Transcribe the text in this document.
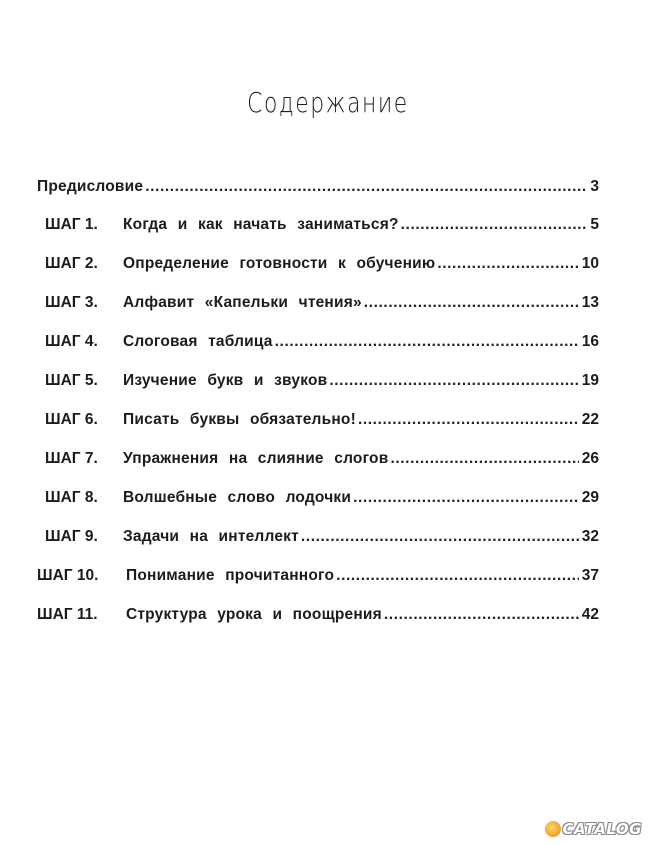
Содержание
Предисловие .....	3
ШАГ 1.	Когда и как начать заниматься? .....	5
ШАГ 2.	Определение готовности к обучению .....	10
ШАГ 3.	Алфавит «Капельки чтения» .....	13
ШАГ 4.	Слоговая таблица .....	16
ШАГ 5.	Изучение букв и звуков .....	19
ШАГ 6.	Писать буквы обязательно! .....	22
ШАГ 7.	Упражнения на слияние слогов .....	26
ШАГ 8.	Волшебные слово лодочки .....	29
ШАГ 9.	Задачи на интеллект .....	32
ШАГ 10.	Понимание прочитанного .....	37
ШАГ 11.	Структура урока и поощрения .....	42
CATALOG
